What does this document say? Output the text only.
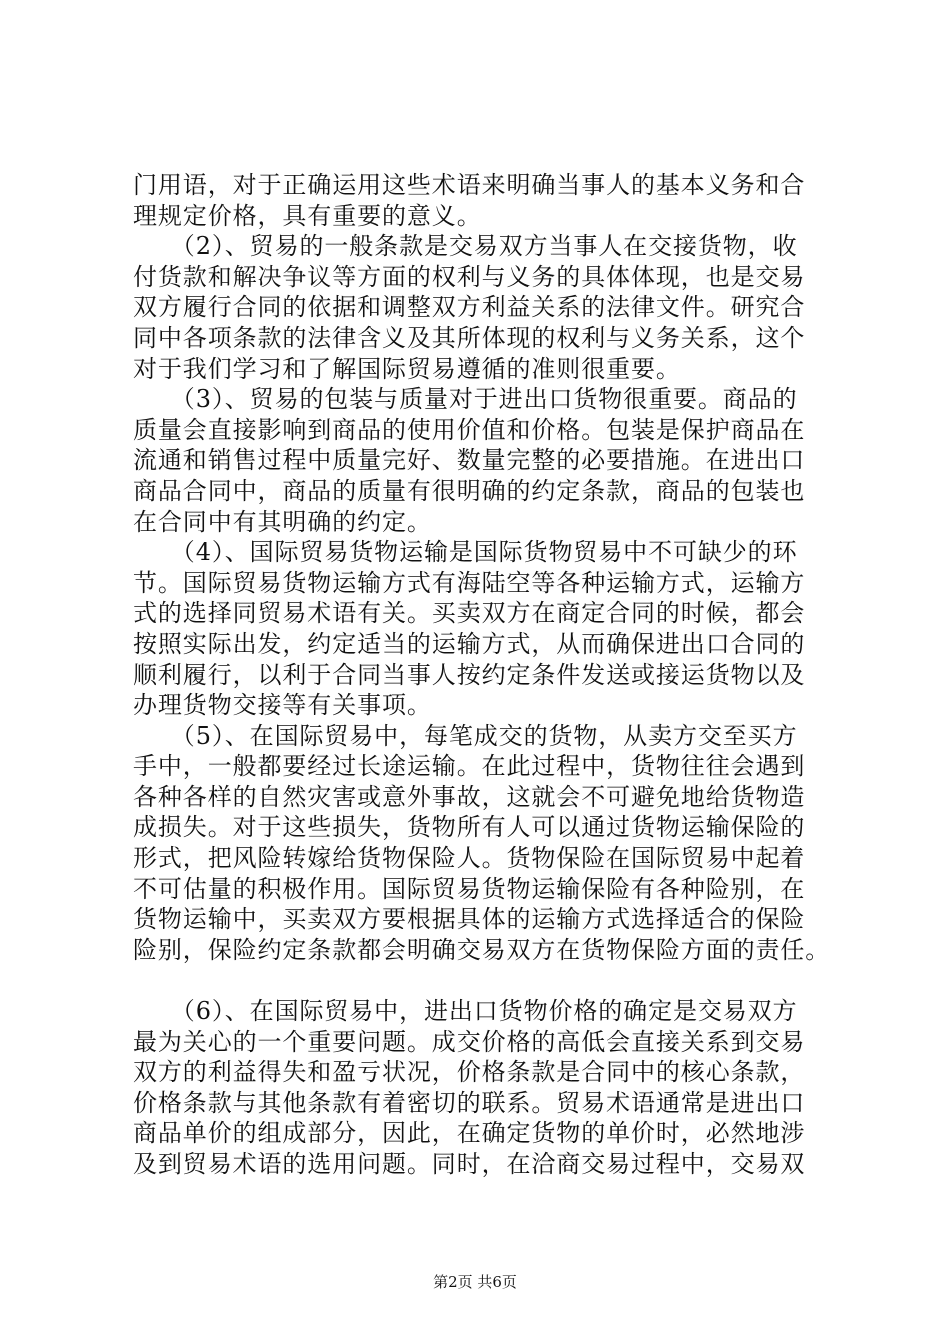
门用语，对于正确运用这些术语来明确当事人的基本义务和合
理规定价格，具有重要的意义。
　　（2）、贸易的一般条款是交易双方当事人在交接货物，收
付货款和解决争议等方面的权利与义务的具体体现，也是交易
双方履行合同的依据和调整双方利益关系的法律文件。研究合
同中各项条款的法律含义及其所体现的权利与义务关系，这个
对于我们学习和了解国际贸易遵循的准则很重要。
　　（3）、贸易的包装与质量对于进出口货物很重要。商品的
质量会直接影响到商品的使用价值和价格。包装是保护商品在
流通和销售过程中质量完好、数量完整的必要措施。在进出口
商品合同中，商品的质量有很明确的约定条款，商品的包装也
在合同中有其明确的约定。
　　（4）、国际贸易货物运输是国际货物贸易中不可缺少的环
节。国际贸易货物运输方式有海陆空等各种运输方式，运输方
式的选择同贸易术语有关。买卖双方在商定合同的时候，都会
按照实际出发，约定适当的运输方式，从而确保进出口合同的
顺利履行，以利于合同当事人按约定条件发送或接运货物以及
办理货物交接等有关事项。
　　（5）、在国际贸易中，每笔成交的货物，从卖方交至买方
手中，一般都要经过长途运输。在此过程中，货物往往会遇到
各种各样的自然灾害或意外事故，这就会不可避免地给货物造
成损失。对于这些损失，货物所有人可以通过货物运输保险的
形式，把风险转嫁给货物保险人。货物保险在国际贸易中起着
不可估量的积极作用。国际贸易货物运输保险有各种险别，在
货物运输中，买卖双方要根据具体的运输方式选择适合的保险
险别，保险约定条款都会明确交易双方在货物保险方面的责任。
　　（6）、在国际贸易中，进出口货物价格的确定是交易双方
最为关心的一个重要问题。成交价格的高低会直接关系到交易
双方的利益得失和盈亏状况，价格条款是合同中的核心条款，
价格条款与其他条款有着密切的联系。贸易术语通常是进出口
商品单价的组成部分，因此，在确定货物的单价时，必然地涉
及到贸易术语的选用问题。同时，在洽商交易过程中，交易双
第2页 共6页
